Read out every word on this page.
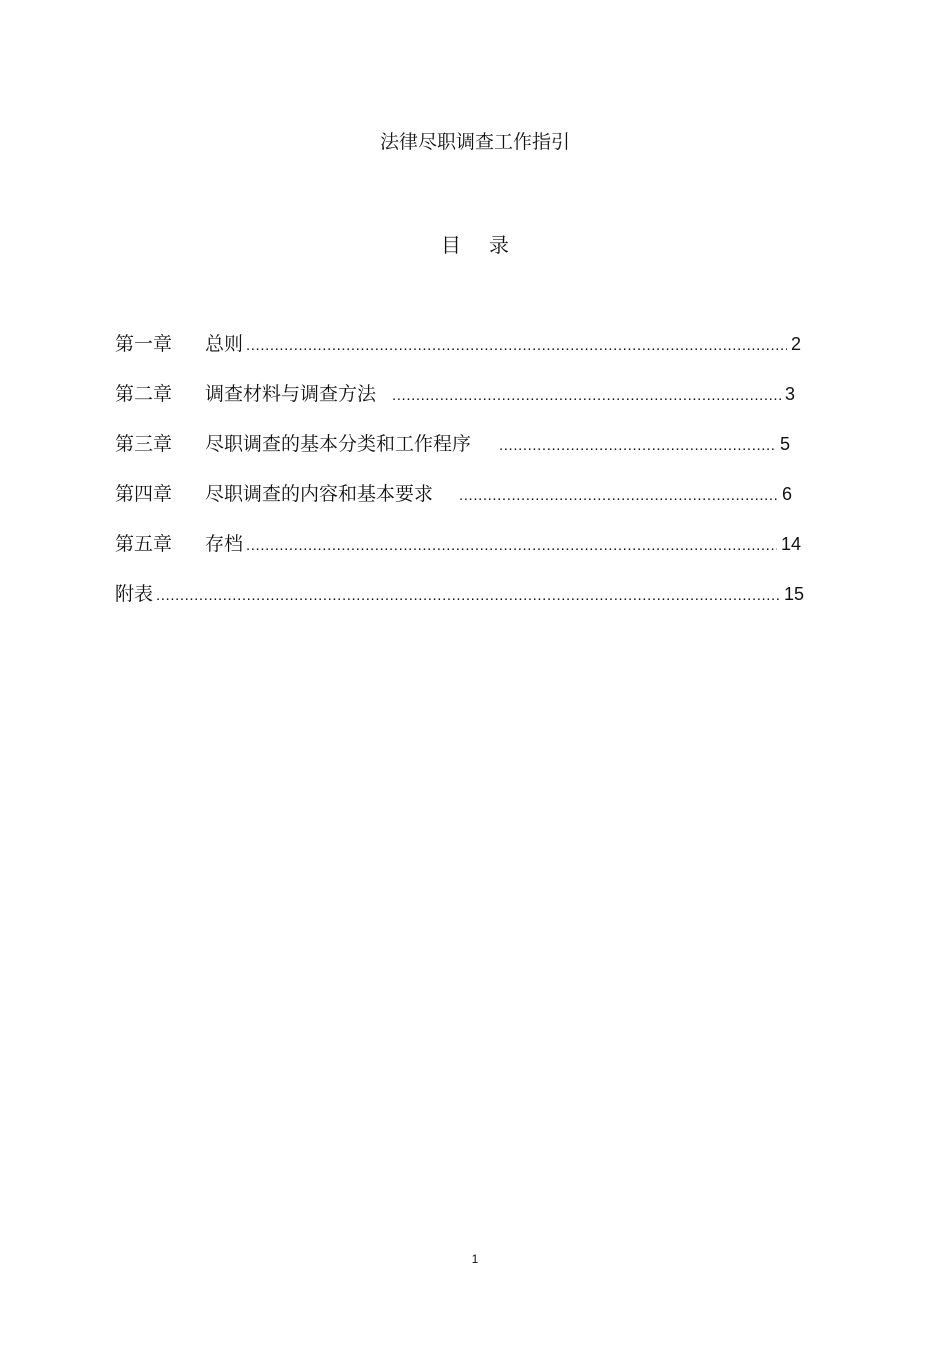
法律尽职调查工作指引
目 录
第一章	总则 .....	2
第二章	调查材料与调查方法 .....	3
第三章	尽职调查的基本分类和工作程序 .....	5
第四章	尽职调查的内容和基本要求 .....	6
第五章	存档 .....	14
附表 .....	15
1
